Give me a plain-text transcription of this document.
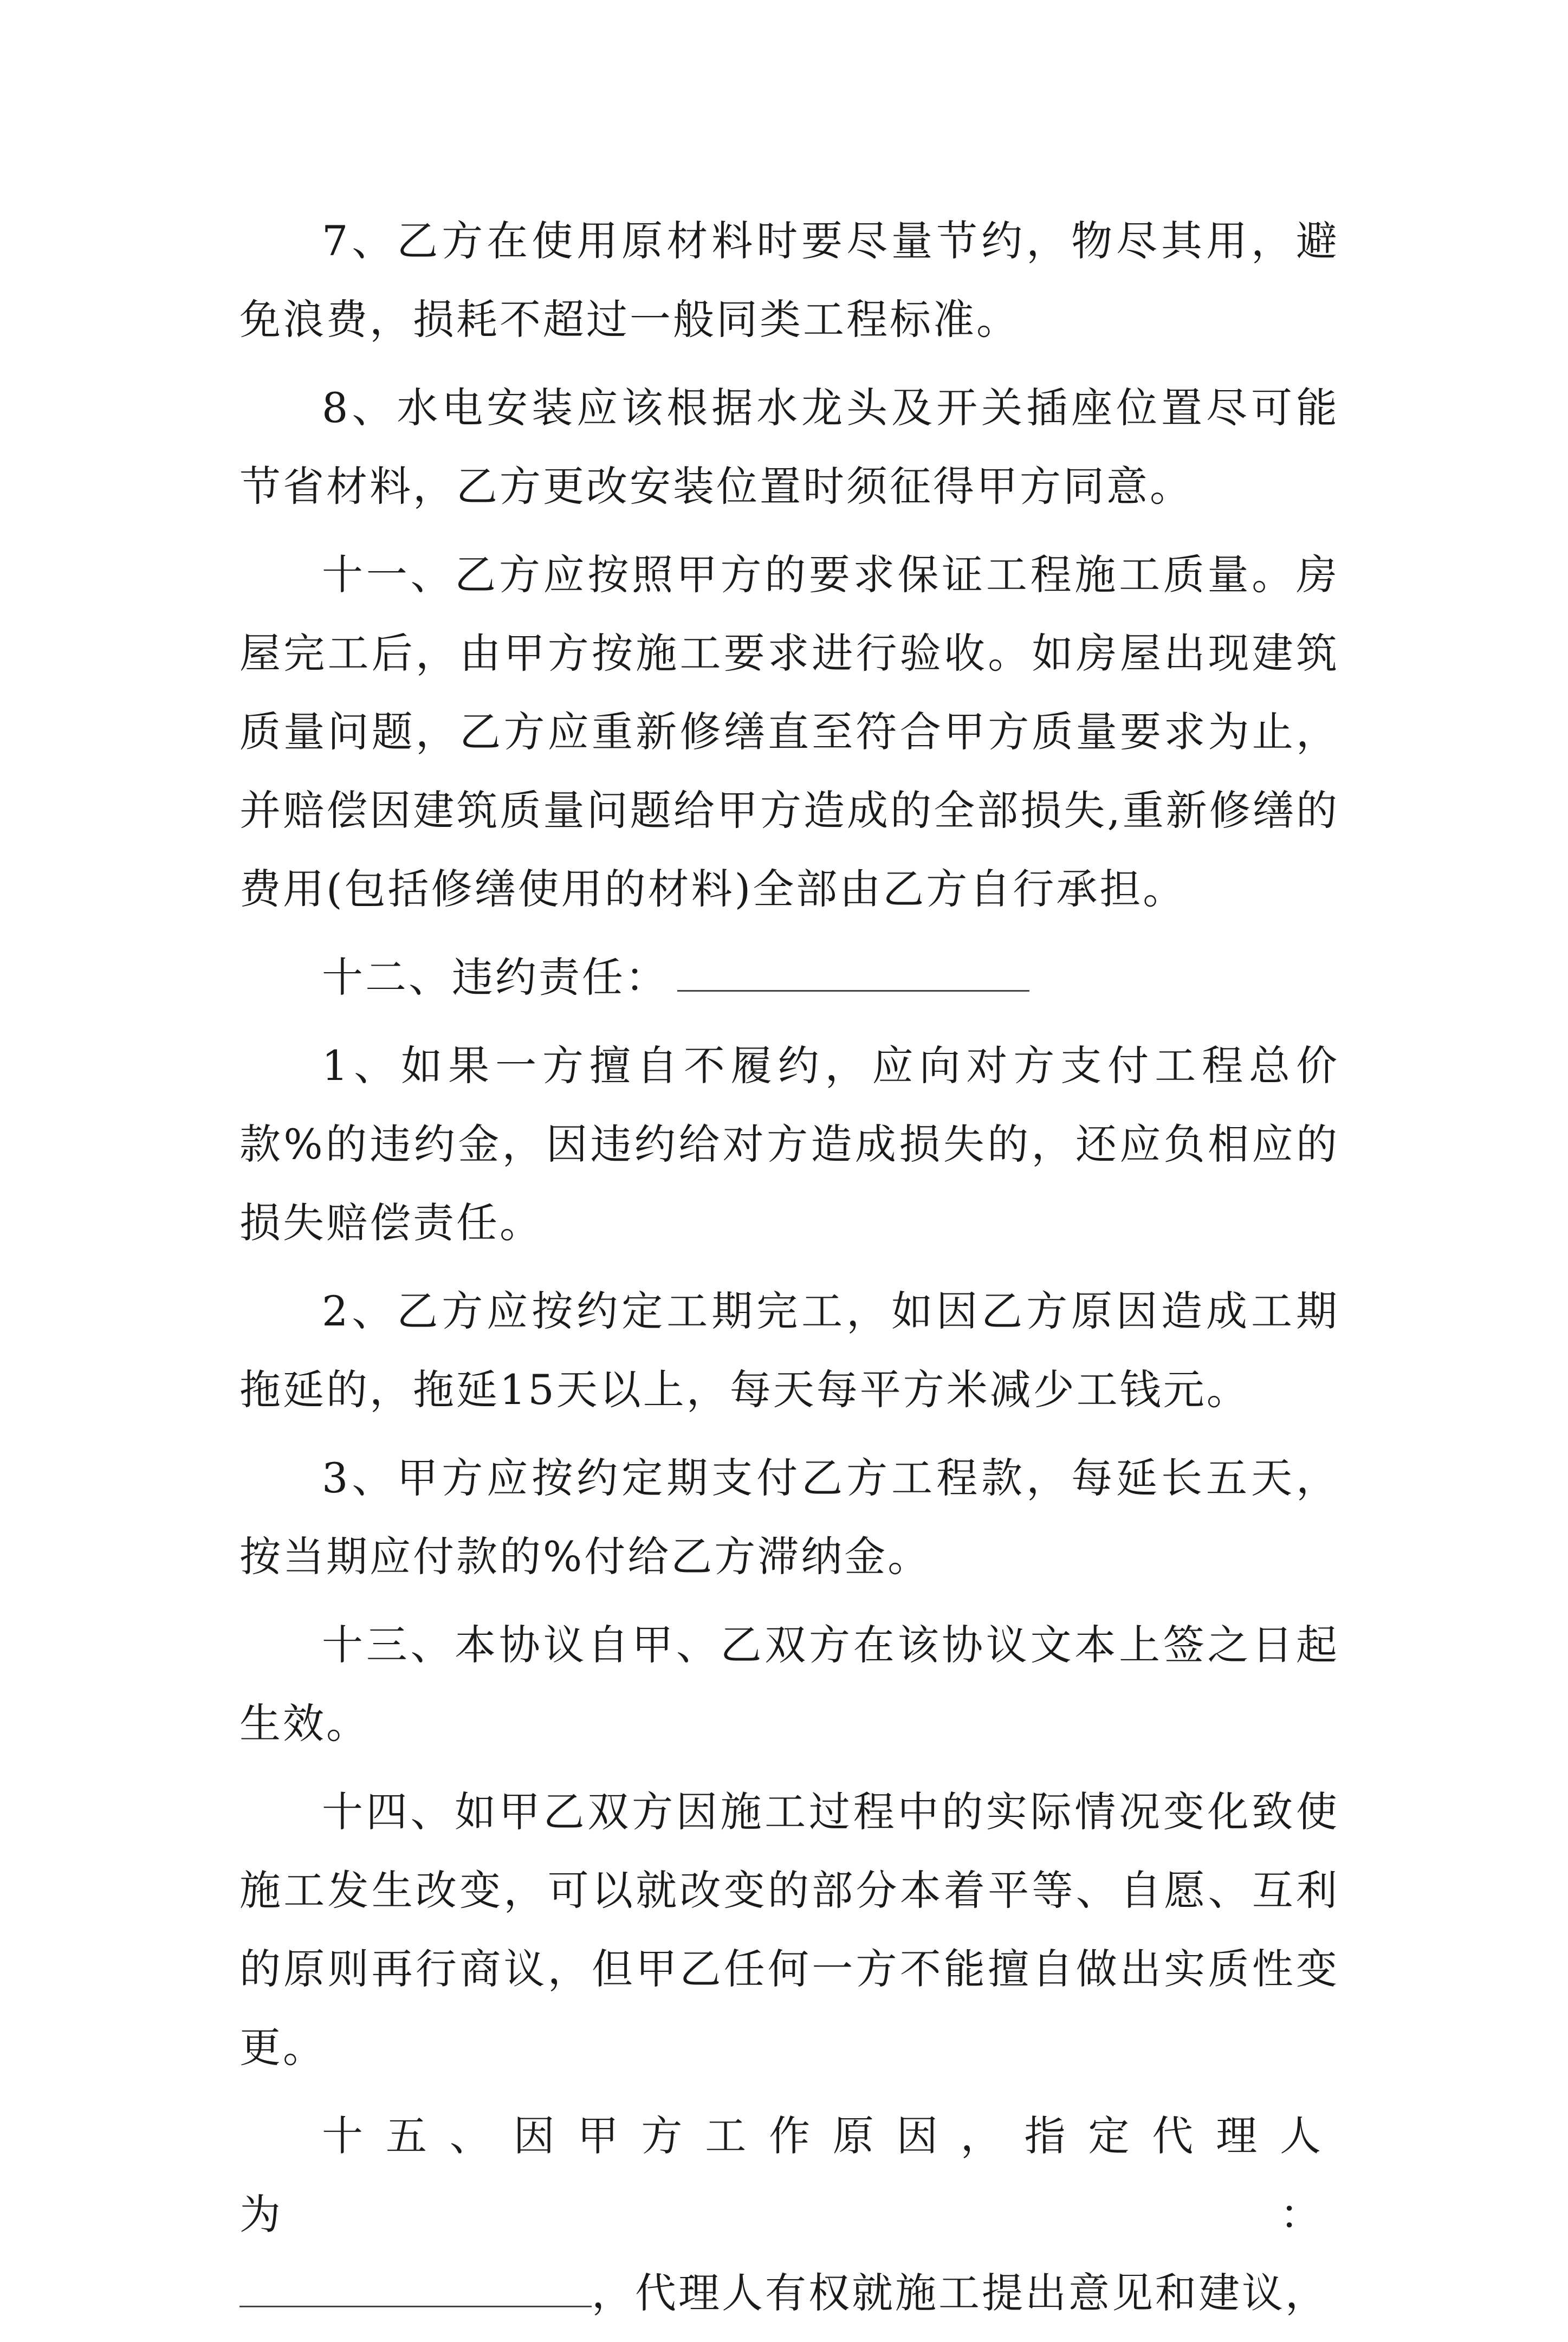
7、乙方在使用原材料时要尽量节约，物尽其用，避免浪费，损耗不超过一般同类工程标准。

8、水电安装应该根据水龙头及开关插座位置尽可能节省材料，乙方更改安装位置时须征得甲方同意。

十一、乙方应按照甲方的要求保证工程施工质量。房屋完工后，由甲方按施工要求进行验收。如房屋出现建筑质量问题，乙方应重新修缮直至符合甲方质量要求为止，并赔偿因建筑质量问题给甲方造成的全部损失,重新修缮的费用(包括修缮使用的材料)全部由乙方自行承担。

十二、违约责任：

1、如果一方擅自不履约，应向对方支付工程总价款%的违约金，因违约给对方造成损失的，还应负相应的损失赔偿责任。

2、乙方应按约定工期完工，如因乙方原因造成工期拖延的，拖延15天以上，每天每平方米减少工钱元。

3、甲方应按约定期支付乙方工程款，每延长五天，按当期应付款的%付给乙方滞纳金。

十三、本协议自甲、乙双方在该协议文本上签之日起生效。

十四、如甲乙双方因施工过程中的实际情况变化致使施工发生改变，可以就改变的部分本着平等、自愿、互利的原则再行商议，但甲乙任何一方不能擅自做出实质性变更。

十五、因甲方工作原因，指定代理人为：

，代理人有权就施工提出意见和建议，
